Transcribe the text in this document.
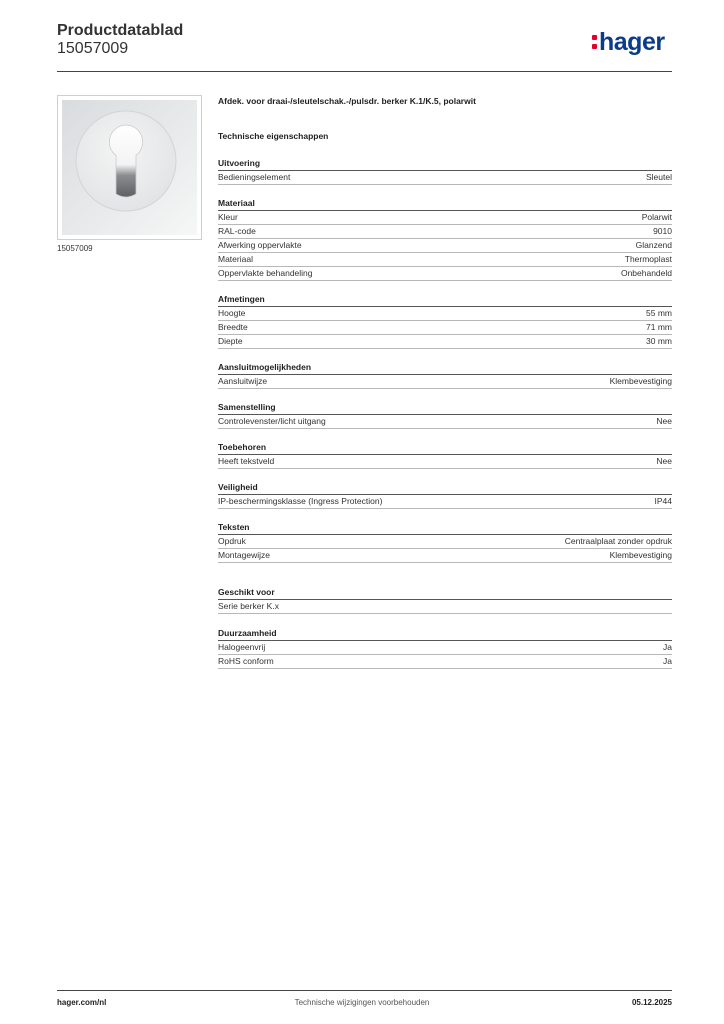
Productdatablad
15057009	hager
15057009
Afdek. voor draai-/sleutelschak.-/pulsdr. berker K.1/K.5, polarwit
Technische eigenschappen
Uitvoering
Bedieningselement	Sleutel
Materiaal
Kleur	Polarwit
RAL-code	9010
Afwerking oppervlakte	Glanzend
Materiaal	Thermoplast
Oppervlakte behandeling	Onbehandeld
Afmetingen
Hoogte	55 mm
Breedte	71 mm
Diepte	30 mm
Aansluitmogelijkheden
Aansluitwijze	Klembevestiging
Samenstelling
Controlevenster/licht uitgang	Nee
Toebehoren
Heeft tekstveld	Nee
Veiligheid
IP-beschermingsklasse (Ingress Protection)	IP44
Teksten
Opdruk	Centraalplaat zonder opdruk
Montagewijze	Klembevestiging
Geschikt voor
Serie berker K.x
Duurzaamheid
Halogeenvrij	Ja
RoHS conform	Ja
hager.com/nl	Technische wijzigingen voorbehouden	05.12.2025
